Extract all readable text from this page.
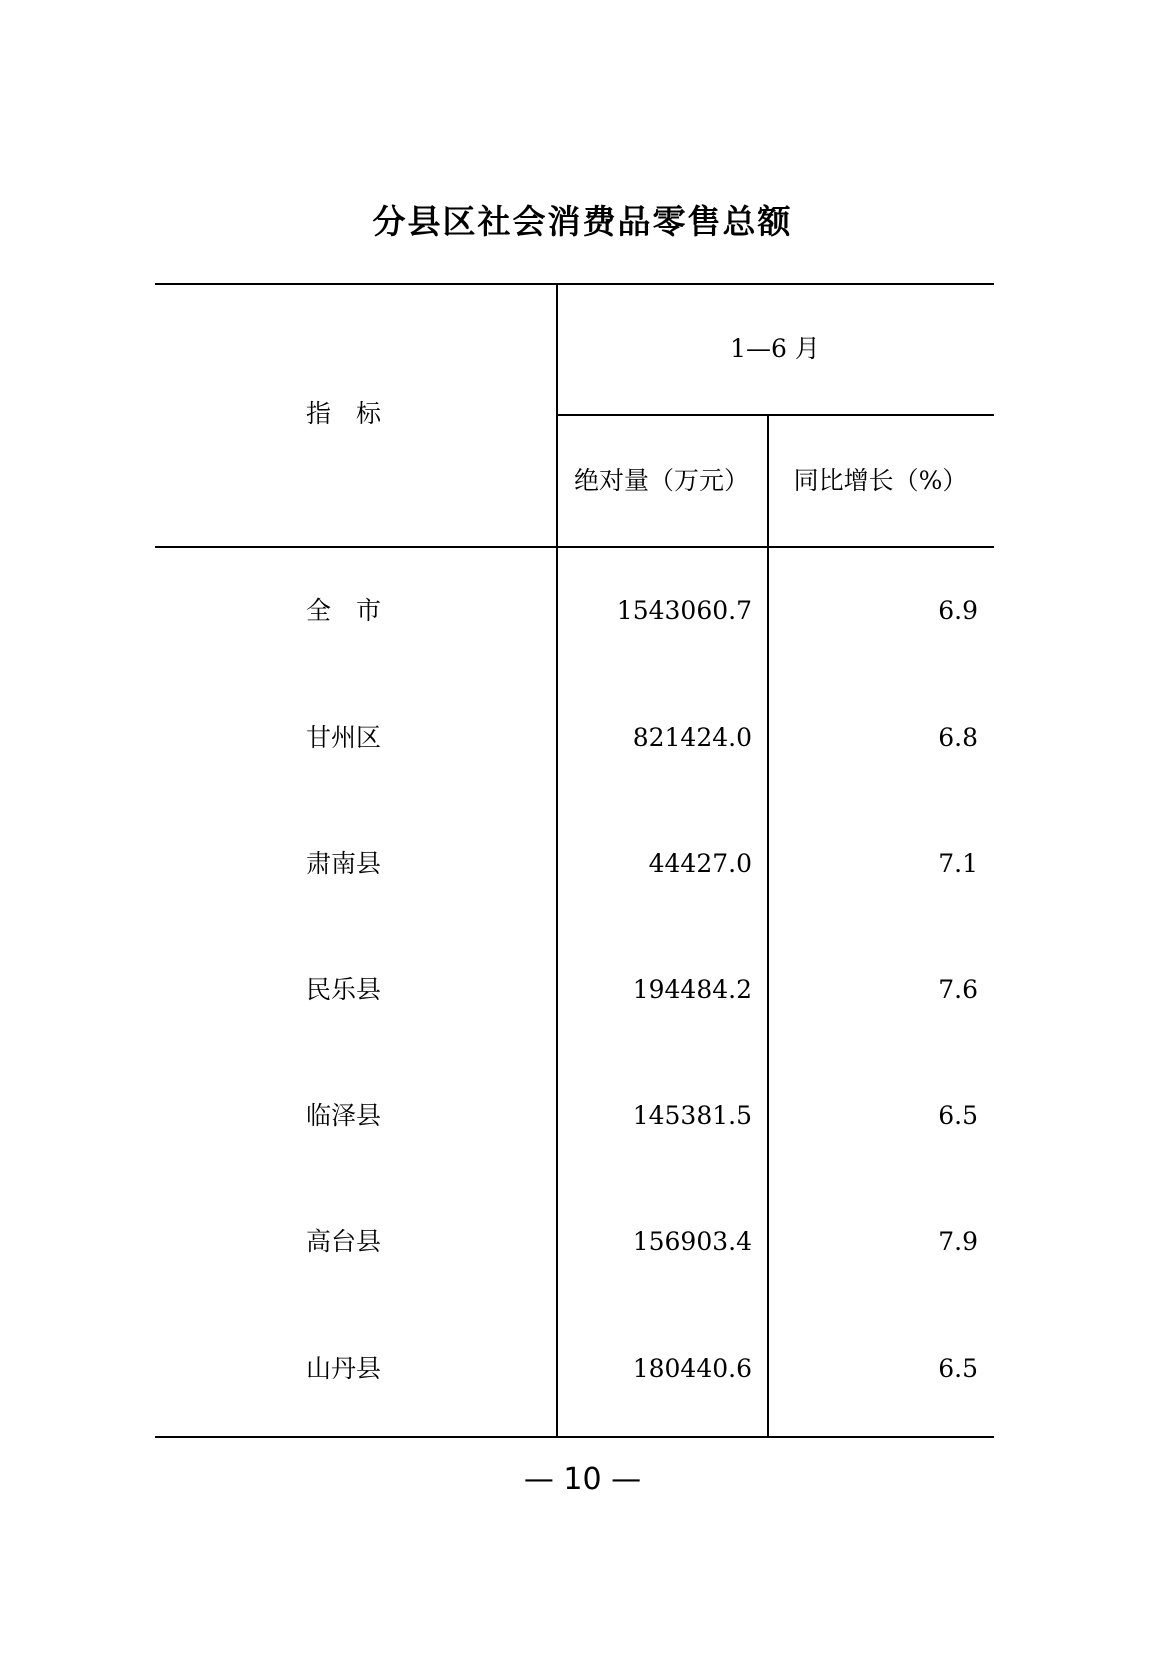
分县区社会消费品零售总额
指　标
1—6 月
绝对量（万元）	同比增长（%）
全　市	1543060.7	6.9
甘州区	821424.0	6.8
肃南县	44427.0	7.1
民乐县	194484.2	7.6
临泽县	145381.5	6.5
高台县	156903.4	7.9
山丹县	180440.6	6.5
— 10 —
